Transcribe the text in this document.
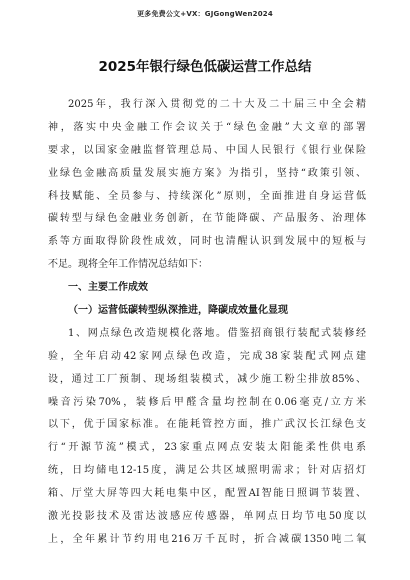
更多免费公文+VX：GJGongWen2024
2025年银行绿色低碳运营工作总结
2025年，我行深入贯彻党的二十大及二十届三中全会精
神，落实中央金融工作会议关于“绿色金融”大文章的部署
要求，以国家金融监督管理总局、中国人民银行《银行业保险
业绿色金融高质量发展实施方案》为指引，坚持“政策引领、
科技赋能、全员参与、持续深化”原则，全面推进自身运营低
碳转型与绿色金融业务创新，在节能降碳、产品服务、治理体
系等方面取得阶段性成效，同时也清醒认识到发展中的短板与
不足。现将全年工作情况总结如下：
一、主要工作成效
（一）运营低碳转型纵深推进，降碳成效量化显现
1、网点绿色改造规模化落地。借鉴招商银行装配式装修经
验，全年启动42家网点绿色改造，完成38家装配式网点建
设，通过工厂预制、现场组装模式，减少施工粉尘排放85%、
噪音污染70%，装修后甲醛含量均控制在0.06毫克/立方米
以下，优于国家标准。在能耗管控方面，推广武汉长江绿色支
行“开源节流”模式，23家重点网点安装太阳能柔性供电系
统，日均储电12-15度，满足公共区域照明需求；针对店招灯
箱、厅堂大屏等四大耗电集中区，配置AI智能日照调节装置、
激光投影技术及雷达波感应传感器，单网点日均节电50度以
上，全年累计节约用电216万千瓦时，折合减碳1350吨二氧
